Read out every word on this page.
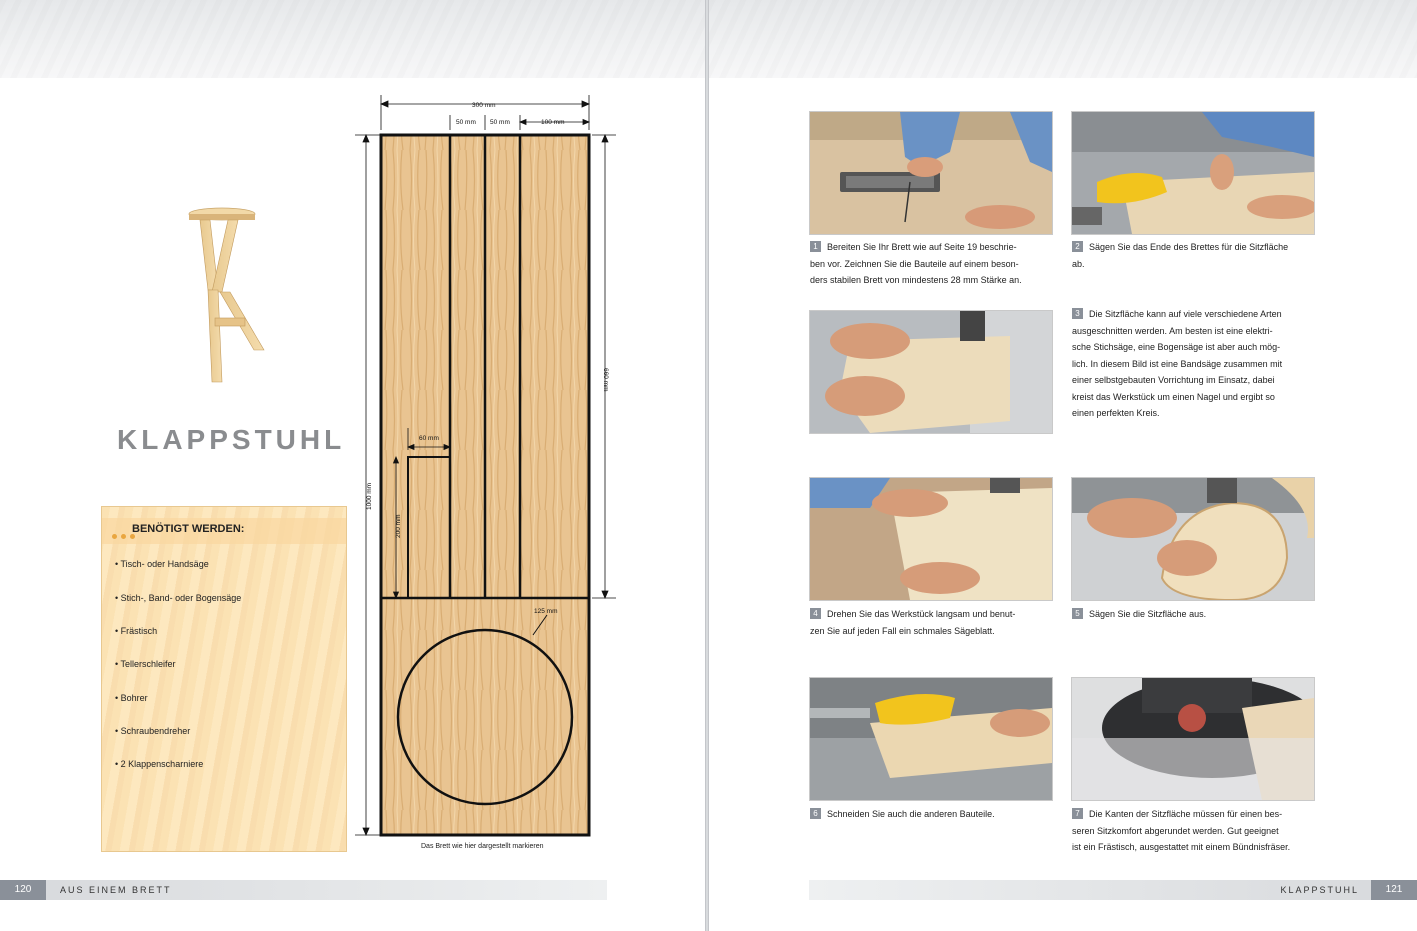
KLAPPSTUHL
BENÖTIGT WERDEN:
• Tisch- oder Handsäge
• Stich-, Band- oder Bogensäge
• Frästisch
• Tellerschleifer
• Bohrer
• Schraubendreher
• 2 Klappenscharniere
300 mm
50 mm 50 mm	100 mm
60 mm
125 mm
1000 mm
660 mm
200 mm
Das Brett wie hier dargestellt markieren
120	AUS EINEM BRETT
1 Bereiten Sie Ihr Brett wie auf Seite 19 beschrie-
ben vor. Zeichnen Sie die Bauteile auf einem beson-
ders stabilen Brett von mindestens 28 mm Stärke an.
2 Sägen Sie das Ende des Brettes für die Sitzfläche
ab.
3 Die Sitzfläche kann auf viele verschiedene Arten
ausgeschnitten werden. Am besten ist eine elektri-
sche Stichsäge, eine Bogensäge ist aber auch mög-
lich. In diesem Bild ist eine Bandsäge zusammen mit
einer selbstgebauten Vorrichtung im Einsatz, dabei
kreist das Werkstück um einen Nagel und ergibt so
einen perfekten Kreis.
4 Drehen Sie das Werkstück langsam und benut-
zen Sie auf jeden Fall ein schmales Sägeblatt.
5 Sägen Sie die Sitzfläche aus.
6 Schneiden Sie auch die anderen Bauteile.	7 Die Kanten der Sitzfläche müssen für einen bes-
seren Sitzkomfort abgerundet werden. Gut geeignet
ist ein Frästisch, ausgestattet mit einem Bündnisfräser.
KLAPPSTUHL	121
